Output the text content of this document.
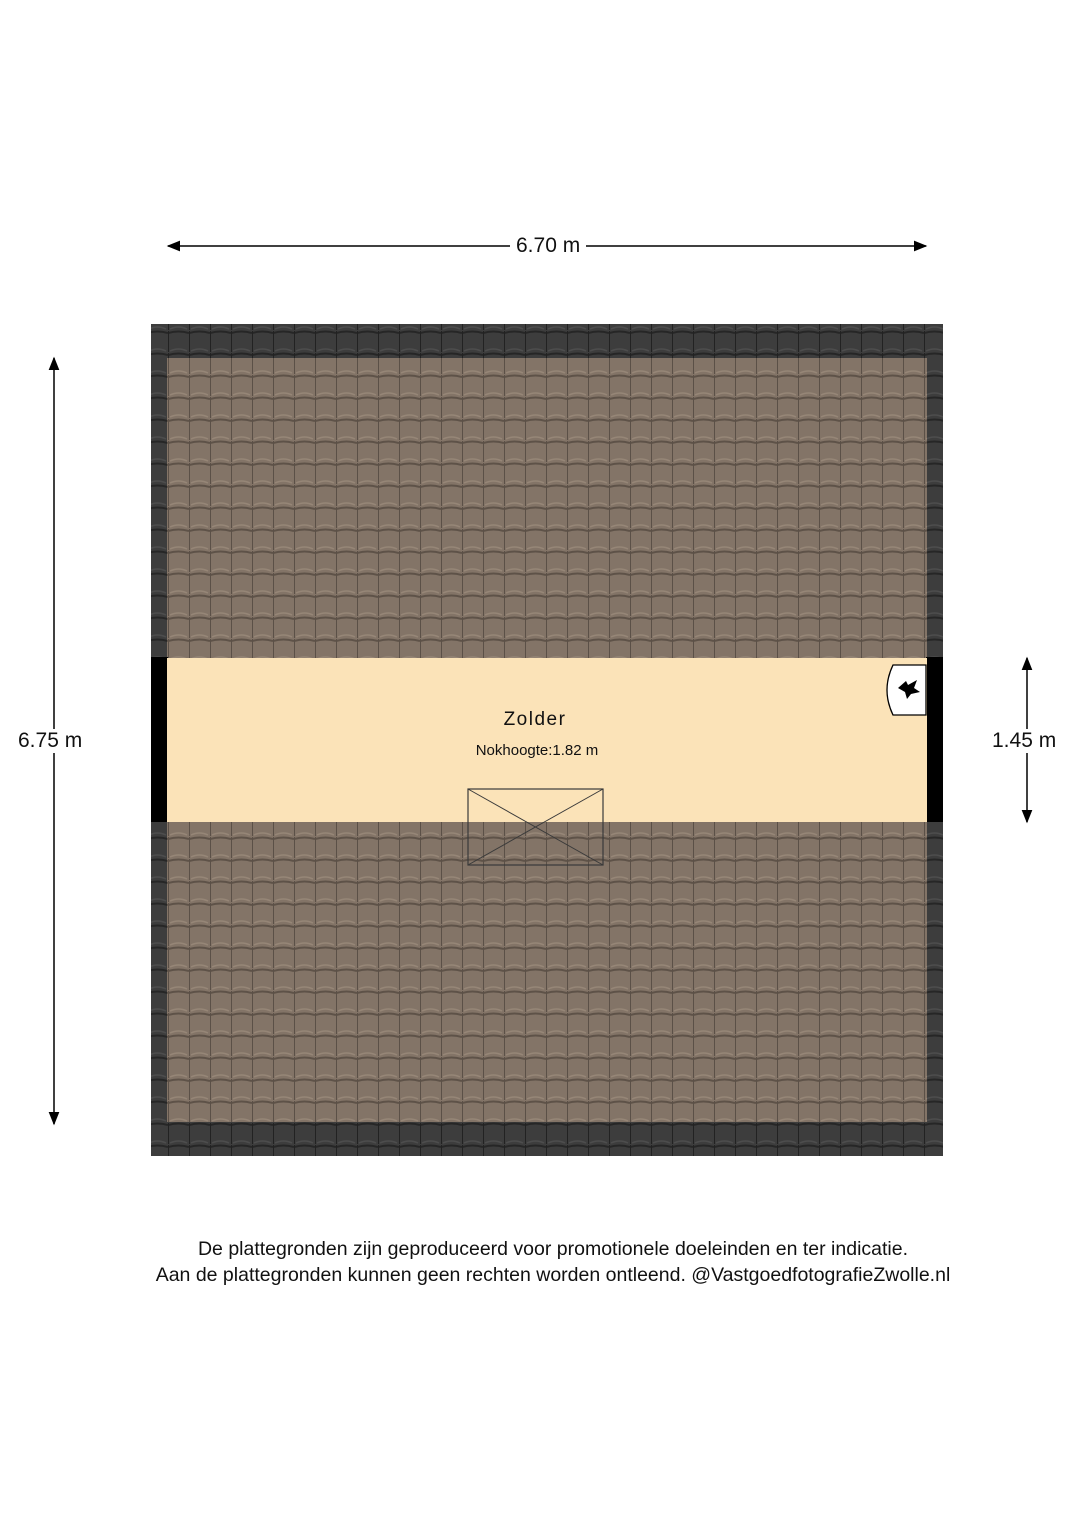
6.70 m
6.75 m	1.45 m
Zolder
Nokhoogte:1.82 m
De plattegronden zijn geproduceerd voor promotionele doeleinden en ter indicatie.
Aan de plattegronden kunnen geen rechten worden ontleend. @VastgoedfotografieZwolle.nl
